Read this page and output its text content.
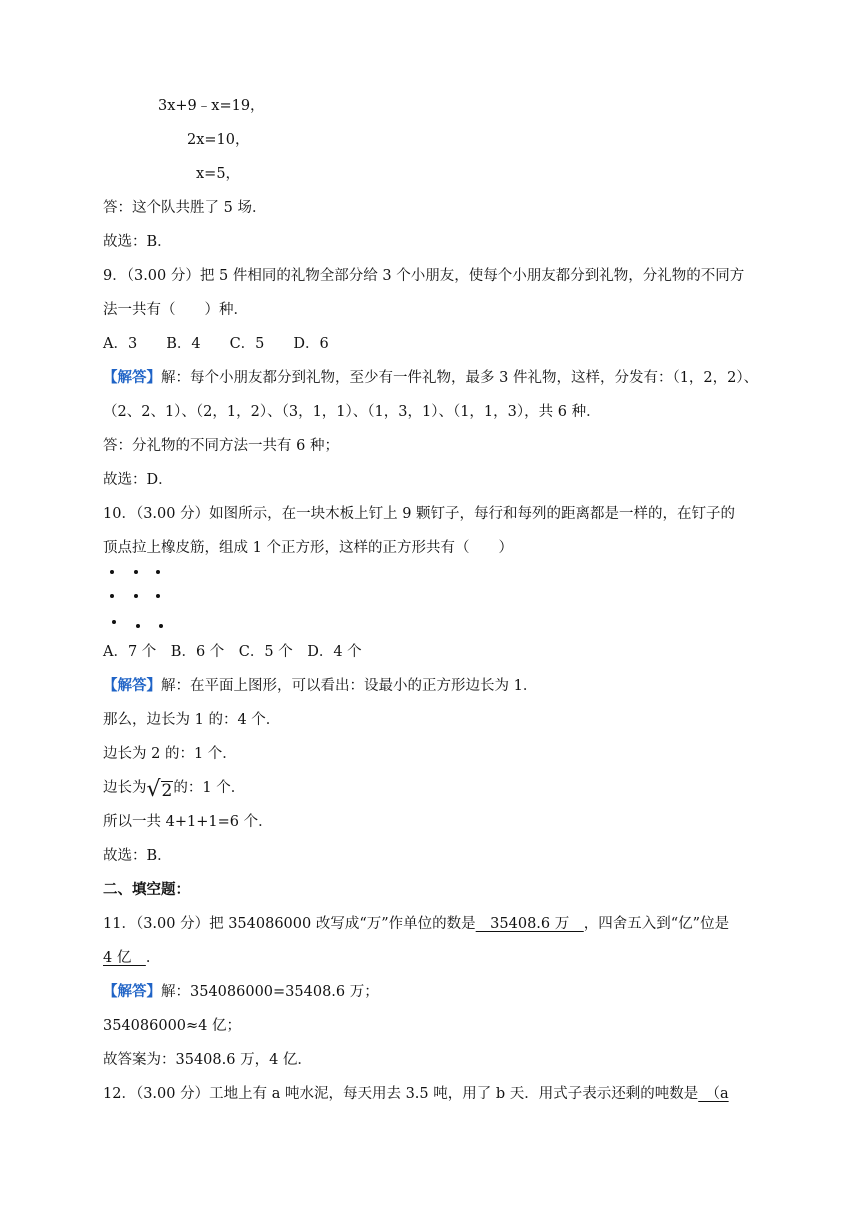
3x+9﹣x=19，
2x=10，
x=5，
答：这个队共胜了 5 场．
故选：B．
9．（3.00 分）把 5 件相同的礼物全部分给 3 个小朋友，使每个小朋友都分到礼物，分礼物的不同方
法一共有（　　）种．
A．3　　B．4　　C．5　　D．6
【解答】解：每个小朋友都分到礼物，至少有一件礼物，最多 3 件礼物，这样，分发有：（1，2，2）、
（2、2、1）、（2，1，2）、（3，1，1）、（1，3，1）、（1，1，3），共 6 种．
答：分礼物的不同方法一共有 6 种；
故选：D．
10．（3.00 分）如图所示，在一块木板上钉上 9 颗钉子，每行和每列的距离都是一样的，在钉子的
顶点拉上橡皮筋，组成 1 个正方形，这样的正方形共有（　　）
A．7 个　B．6 个　C．5 个　D．4 个
【解答】解：在平面上图形，可以看出：设最小的正方形边长为 1．
那么，边长为 1 的：4 个．
边长为 2 的：1 个．
边长为 √ 2 的：1 个．
所以一共 4+1+1=6 个．
故选：B．
二、填空题：
11．（3.00 分）把 354086000 改写成“万”作单位的数是　35408.6 万　，四舍五入到“亿”位是
4 亿　．
【解答】解：354086000=35408.6 万；
354086000≈4 亿；
故答案为：35408.6 万，4 亿．
12．（3.00 分）工地上有 a 吨水泥，每天用去 3.5 吨，用了 b 天．用式子表示还剩的吨数是　（a
